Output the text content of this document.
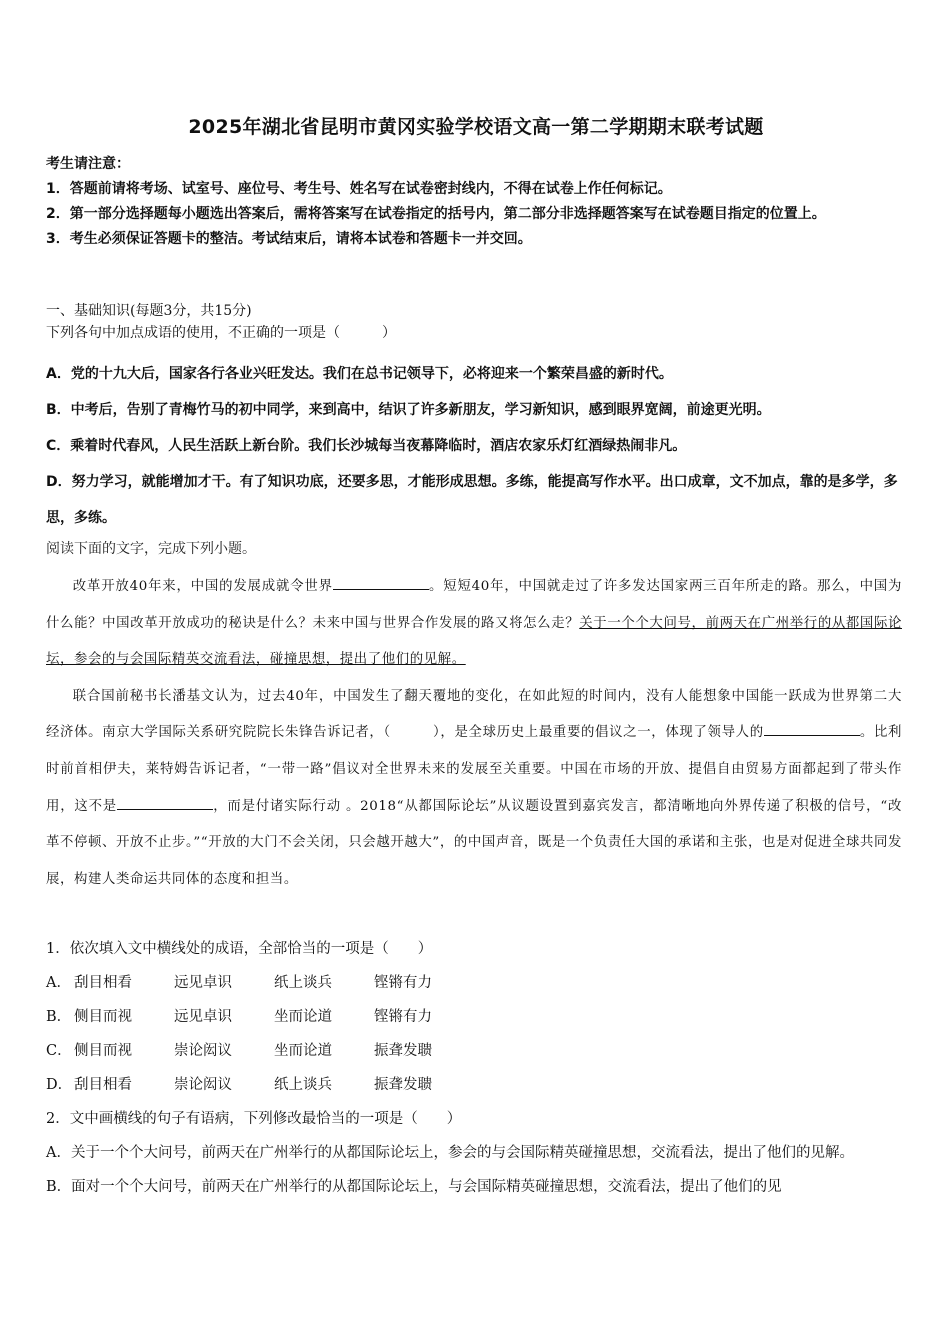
2025年湖北省昆明市黄冈实验学校语文高一第二学期期末联考试题
考生请注意：
1．答题前请将考场、试室号、座位号、考生号、姓名写在试卷密封线内，不得在试卷上作任何标记。
2．第一部分选择题每小题选出答案后，需将答案写在试卷指定的括号内，第二部分非选择题答案写在试卷题目指定的位置上。
3．考生必须保证答题卡的整洁。考试结束后，请将本试卷和答题卡一并交回。
一、基础知识(每题3分，共15分)
下列各句中加点成语的使用，不正确的一项是（　　　）
A．党的十九大后，国家各行各业兴旺发达。我们在总书记领导下，必将迎来一个繁荣昌盛的新时代。
B．中考后，告别了青梅竹马的初中同学，来到高中，结识了许多新朋友，学习新知识，感到眼界宽阔，前途更光明。
C．乘着时代春风，人民生活跃上新台阶。我们长沙城每当夜幕降临时，酒店农家乐灯红酒绿热闹非凡。
D．努力学习，就能增加才干。有了知识功底，还要多思，才能形成思想。多练，能提高写作水平。出口成章，文不加点，靠的是多学，多思，多练。
阅读下面的文字，完成下列小题。

改革开放40年来，中国的发展成就令世界	。短短40年，中国就走过了许多发达国家两三百年所走的路。那么，中国为什么能？中国改革开放成功的秘诀是什么？未来中国与世界合作发展的路又将怎么走？关于一个个大问号，前两天在广州举行的从都国际论坛，参会的与会国际精英交流看法，碰撞思想，提出了他们的见解。

联合国前秘书长潘基文认为，过去40年，中国发生了翻天覆地的变化，在如此短的时间内，没有人能想象中国能一跃成为世界第二大经济体。南京大学国际关系研究院院长朱锋告诉记者，（　　　），是全球历史上最重要的倡议之一，体现了领导人的	。比利时前首相伊夫，莱特姆告诉记者，“一带一路”倡议对全世界未来的发展至关重要。中国在市场的开放、提倡自由贸易方面都起到了带头作用，这不是	，而是付诸实际行动 。2018“从都国际论坛”从议题设置到嘉宾发言，都清晰地向外界传递了积极的信号，“改革不停顿、开放不止步。”“开放的大门不会关闭，只会越开越大”，的中国声音，既是一个负责任大国的承诺和主张，也是对促进全球共同发展，构建人类命运共同体的态度和担当。

1．依次填入文中横线处的成语，全部恰当的一项是（　　）
A． 刮目相看	远见卓识	纸上谈兵	铿锵有力
B． 侧目而视	远见卓识	坐而论道	铿锵有力
C． 侧目而视	崇论闳议	坐而论道	振聋发聩
D． 刮目相看	崇论闳议	纸上谈兵	振聋发聩
2．文中画横线的句子有语病，下列修改最恰当的一项是（　　）
A．关于一个个大问号，前两天在广州举行的从都国际论坛上，参会的与会国际精英碰撞思想，交流看法，提出了他们的见解。
B．面对一个个大问号，前两天在广州举行的从都国际论坛上，与会国际精英碰撞思想，交流看法，提出了他们的见
